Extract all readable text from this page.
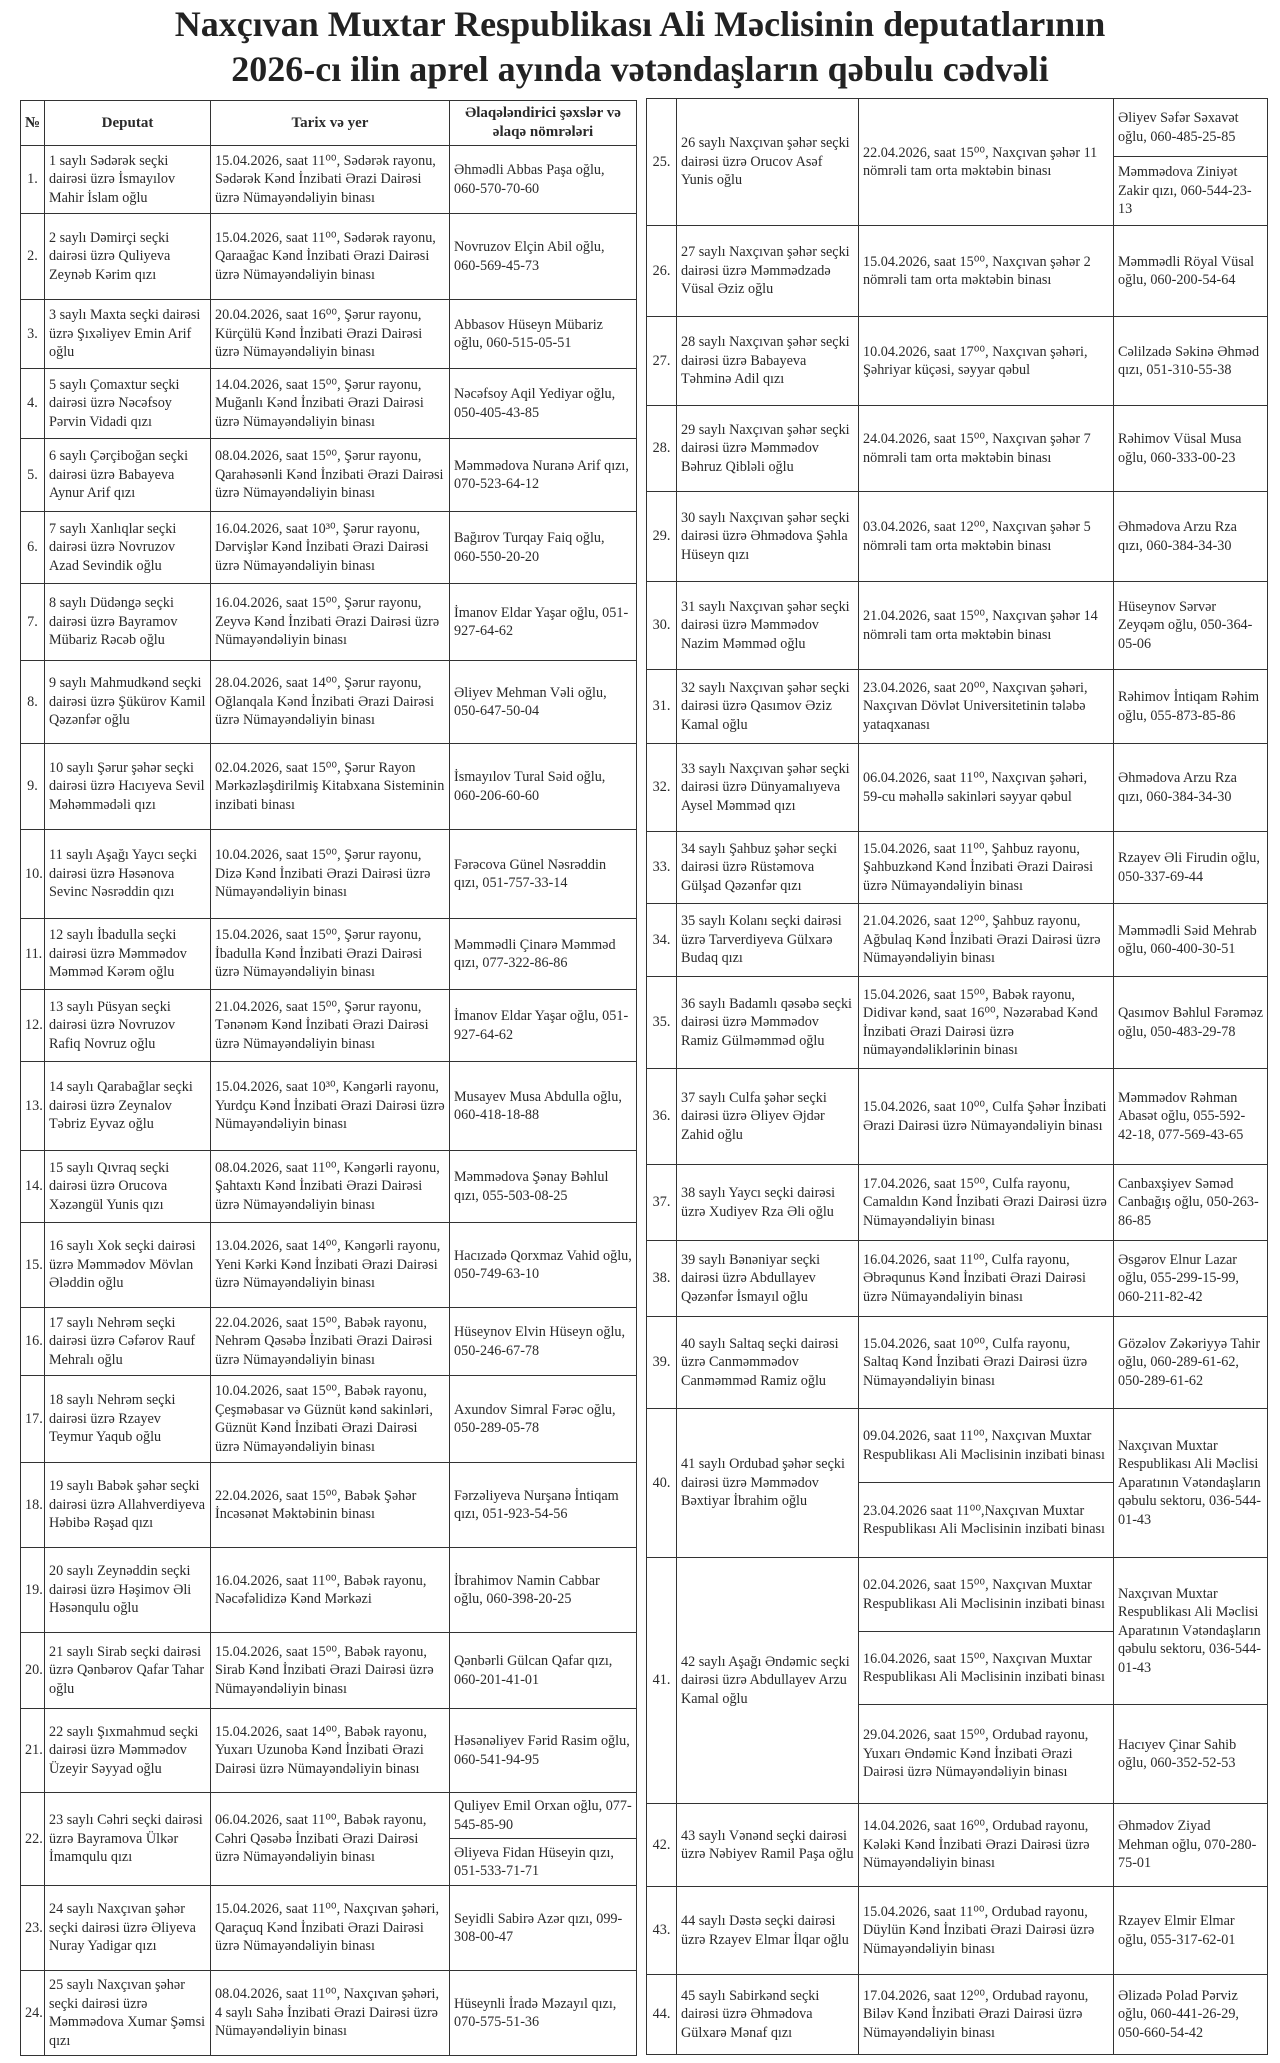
Naxçıvan Muxtar Respublikası Ali Məclisinin deputatlarının
2026-cı ilin aprel ayında vətəndaşların qəbulu cədvəli
№	Deputat	Tarix və yer	Əlaqələndirici şəxslər və əlaqə nömrələri
1.	1 saylı Sədərək seçki dairəsi üzrə İsmayılov Mahir İslam oğlu	15.04.2026, saat 11⁰⁰, Sədərək rayonu, Sədərək Kənd İnzibati Ərazi Dairəsi üzrə Nümayəndəliyin binası	Əhmədli Abbas Paşa oğlu, 060-570-70-60
2.	2 saylı Dəmirçi seçki dairəsi üzrə Quliyeva Zeynəb Kərim qızı	15.04.2026, saat 11⁰⁰, Sədərək rayonu, Qaraağac Kənd İnzibati Ərazi Dairəsi üzrə Nümayəndəliyin binası	Novruzov Elçin Abil oğlu, 060-569-45-73
3.	3 saylı Maxta seçki dairəsi üzrə Şıxəliyev Emin Arif oğlu	20.04.2026, saat 16⁰⁰, Şərur rayonu, Kürçülü Kənd İnzibati Ərazi Dairəsi üzrə Nümayəndəliyin binası	Abbasov Hüseyn Mübariz oğlu, 060-515-05-51
4.	5 saylı Çomaxtur seçki dairəsi üzrə Nəcəfsoy Pərvin Vidadi qızı	14.04.2026, saat 15⁰⁰, Şərur rayonu, Muğanlı Kənd İnzibati Ərazi Dairəsi üzrə Nümayəndəliyin binası	Nəcəfsoy Aqil Yediyar oğlu, 050-405-43-85
5.	6 saylı Çərçiboğan seçki dairəsi üzrə Babayeva Aynur Arif qızı	08.04.2026, saat 15⁰⁰, Şərur rayonu, Qarahəsənli Kənd İnzibati Ərazi Dairəsi üzrə Nümayəndəliyin binası	Məmmədova Nuranə Arif qızı, 070-523-64-12
6.	7 saylı Xanlıqlar seçki dairəsi üzrə Novruzov Azad Sevindik oğlu	16.04.2026, saat 10³⁰, Şərur rayonu, Dərvişlər Kənd İnzibati Ərazi Dairəsi üzrə Nümayəndəliyin binası	Bağırov Turqay Faiq oğlu, 060-550-20-20
7.	8 saylı Düdəngə seçki dairəsi üzrə Bayramov Mübariz Rəcəb oğlu	16.04.2026, saat 15⁰⁰, Şərur rayonu, Zeyvə Kənd İnzibati Ərazi Dairəsi üzrə Nümayəndəliyin binası	İmanov Eldar Yaşar oğlu, 051-927-64-62
8.	9 saylı Mahmudkənd seçki dairəsi üzrə Şükürov Kamil Qəzənfər oğlu	28.04.2026, saat 14⁰⁰, Şərur rayonu, Oğlanqala Kənd İnzibati Ərazi Dairəsi üzrə Nümayəndəliyin binası	Əliyev Mehman Vəli oğlu, 050-647-50-04
9.	10 saylı Şərur şəhər seçki dairəsi üzrə Hacıyeva Sevil Məhəmmədəli qızı	02.04.2026, saat 15⁰⁰, Şərur Rayon Mərkəzləşdirilmiş Kitabxana Sisteminin inzibati binası	İsmayılov Tural Səid oğlu, 060-206-60-60
10.	11 saylı Aşağı Yaycı seçki dairəsi üzrə Həsənova Sevinc Nəsrəddin qızı	10.04.2026, saat 15⁰⁰, Şərur rayonu, Dizə Kənd İnzibati Ərazi Dairəsi üzrə Nümayəndəliyin binası	Fərəcova Günel Nəsrəddin qızı, 051-757-33-14
11.	12 saylı İbadulla seçki dairəsi üzrə Məmmədov Məmməd Kərəm oğlu	15.04.2026, saat 15⁰⁰, Şərur rayonu, İbadulla Kənd İnzibati Ərazi Dairəsi üzrə Nümayəndəliyin binası	Məmmədli Çinarə Məmməd qızı, 077-322-86-86
12.	13 saylı Püsyan seçki dairəsi üzrə Novruzov Rafiq Novruz oğlu	21.04.2026, saat 15⁰⁰, Şərur rayonu, Tənənəm Kənd İnzibati Ərazi Dairəsi üzrə Nümayəndəliyin binası	İmanov Eldar Yaşar oğlu, 051-927-64-62
13.	14 saylı Qarabağlar seçki dairəsi üzrə Zeynalov Təbriz Eyvaz oğlu	15.04.2026, saat 10³⁰, Kəngərli rayonu, Yurdçu Kənd İnzibati Ərazi Dairəsi üzrə Nümayəndəliyin binası	Musayev Musa Abdulla oğlu, 060-418-18-88
14.	15 saylı Qıvraq seçki dairəsi üzrə Orucova Xəzəngül Yunis qızı	08.04.2026, saat 11⁰⁰, Kəngərli rayonu, Şahtaxtı Kənd İnzibati Ərazi Dairəsi üzrə Nümayəndəliyin binası	Məmmədova Şənay Bəhlul qızı, 055-503-08-25
15.	16 saylı Xok seçki dairəsi üzrə Məmmədov Mövlan Ələddin oğlu	13.04.2026, saat 14⁰⁰, Kəngərli rayonu, Yeni Kərki Kənd İnzibati Ərazi Dairəsi üzrə Nümayəndəliyin binası	Hacızadə Qorxmaz Vahid oğlu, 050-749-63-10
16.	17 saylı Nehrəm seçki dairəsi üzrə Cəfərov Rauf Mehralı oğlu	22.04.2026, saat 15⁰⁰, Babək rayonu, Nehrəm Qəsəbə İnzibati Ərazi Dairəsi üzrə Nümayəndəliyin binası	Hüseynov Elvin Hüseyn oğlu, 050-246-67-78
17.	18 saylı Nehrəm seçki dairəsi üzrə Rzayev Teymur Yaqub oğlu	10.04.2026, saat 15⁰⁰, Babək rayonu, Çeşməbasar və Güznüt kənd sakinləri, Güznüt Kənd İnzibati Ərazi Dairəsi üzrə Nümayəndəliyin binası	Axundov Simral Fərəc oğlu, 050-289-05-78
18.	19 saylı Babək şəhər seçki dairəsi üzrə Allahverdiyeva Həbibə Rəşad qızı	22.04.2026, saat 15⁰⁰, Babək Şəhər İncəsənət Məktəbinin binası	Fərzəliyeva Nurşanə İntiqam qızı, 051-923-54-56
19.	20 saylı Zeynəddin seçki dairəsi üzrə Həşimov Əli Həsənqulu oğlu	16.04.2026, saat 11⁰⁰, Babək rayonu, Nəcəfəlidizə Kənd Mərkəzi	İbrahimov Namin Cabbar oğlu, 060-398-20-25
20.	21 saylı Sirab seçki dairəsi üzrə Qənbərov Qafar Tahar oğlu	15.04.2026, saat 15⁰⁰, Babək rayonu, Sirab Kənd İnzibati Ərazi Dairəsi üzrə Nümayəndəliyin binası	Qənbərli Gülcan Qafar qızı, 060-201-41-01
21.	22 saylı Şıxmahmud seçki dairəsi üzrə Məmmədov Üzeyir Səyyad oğlu	15.04.2026, saat 14⁰⁰, Babək rayonu, Yuxarı Uzunoba Kənd İnzibati Ərazi Dairəsi üzrə Nümayəndəliyin binası	Həsənəliyev Fərid Rasim oğlu, 060-541-94-95
22.	23 saylı Cəhri seçki dairəsi üzrə Bayramova Ülkər İmamqulu qızı	06.04.2026, saat 11⁰⁰, Babək rayonu, Cəhri Qəsəbə İnzibati Ərazi Dairəsi üzrə Nümayəndəliyin binası	Quliyev Emil Orxan oğlu, 077-545-85-90
			Əliyeva Fidan Hüseyin qızı, 051-533-71-71
23.	24 saylı Naxçıvan şəhər seçki dairəsi üzrə Əliyeva Nuray Yadigar qızı	15.04.2026, saat 11⁰⁰, Naxçıvan şəhəri, Qaraçuq Kənd İnzibati Ərazi Dairəsi üzrə Nümayəndəliyin binası	Seyidli Sabirə Azər qızı, 099-308-00-47
24.	25 saylı Naxçıvan şəhər seçki dairəsi üzrə Məmmədova Xumar Şəmsi qızı	08.04.2026, saat 11⁰⁰, Naxçıvan şəhəri, 4 saylı Sahə İnzibati Ərazi Dairəsi üzrə Nümayəndəliyin binası	Hüseynli İradə Məzayıl qızı, 070-575-51-36
25.	26 saylı Naxçıvan şəhər seçki dairəsi üzrə Orucov Asəf Yunis oğlu	22.04.2026, saat 15⁰⁰, Naxçıvan şəhər 11 nömrəli tam orta məktəbin binası	Əliyev Səfər Səxavət oğlu, 060-485-25-85
			Məmmədova Ziniyət Zakir qızı, 060-544-23-13
26.	27 saylı Naxçıvan şəhər seçki dairəsi üzrə Məmmədzadə Vüsal Əziz oğlu	15.04.2026, saat 15⁰⁰, Naxçıvan şəhər 2 nömrəli tam orta məktəbin binası	Məmmədli Röyal Vüsal oğlu, 060-200-54-64
27.	28 saylı Naxçıvan şəhər seçki dairəsi üzrə Babayeva Təhminə Adil qızı	10.04.2026, saat 17⁰⁰, Naxçıvan şəhəri, Şəhriyar küçəsi, səyyar qəbul	Cəlilzadə Səkinə Əhməd qızı, 051-310-55-38
28.	29 saylı Naxçıvan şəhər seçki dairəsi üzrə Məmmədov Bəhruz Qibləli oğlu	24.04.2026, saat 15⁰⁰, Naxçıvan şəhər 7 nömrəli tam orta məktəbin binası	Rəhimov Vüsal Musa oğlu, 060-333-00-23
29.	30 saylı Naxçıvan şəhər seçki dairəsi üzrə Əhmədova Şəhla Hüseyn qızı	03.04.2026, saat 12⁰⁰, Naxçıvan şəhər 5 nömrəli tam orta məktəbin binası	Əhmədova Arzu Rza qızı, 060-384-34-30
30.	31 saylı Naxçıvan şəhər seçki dairəsi üzrə Məmmədov Nazim Məmməd oğlu	21.04.2026, saat 15⁰⁰, Naxçıvan şəhər 14 nömrəli tam orta məktəbin binası	Hüseynov Sərvər Zeyqəm oğlu, 050-364-05-06
31.	32 saylı Naxçıvan şəhər seçki dairəsi üzrə Qasımov Əziz Kamal oğlu	23.04.2026, saat 20⁰⁰, Naxçıvan şəhəri, Naxçıvan Dövlət Universitetinin tələbə yataqxanası	Rəhimov İntiqam Rəhim oğlu, 055-873-85-86
32.	33 saylı Naxçıvan şəhər seçki dairəsi üzrə Dünyamalıyeva Aysel Məmməd qızı	06.04.2026, saat 11⁰⁰, Naxçıvan şəhəri, 59-cu məhəllə sakinləri səyyar qəbul	Əhmədova Arzu Rza qızı, 060-384-34-30
33.	34 saylı Şahbuz şəhər seçki dairəsi üzrə Rüstəmova Gülşad Qəzənfər qızı	15.04.2026, saat 11⁰⁰, Şahbuz rayonu, Şahbuzkənd Kənd İnzibati Ərazi Dairəsi üzrə Nümayəndəliyin binası	Rzayev Əli Firudin oğlu, 050-337-69-44
34.	35 saylı Kolanı seçki dairəsi üzrə Tarverdiyeva Gülxarə Budaq qızı	21.04.2026, saat 12⁰⁰, Şahbuz rayonu, Ağbulaq Kənd İnzibati Ərazi Dairəsi üzrə Nümayəndəliyin binası	Məmmədli Səid Mehrab oğlu, 060-400-30-51
35.	36 saylı Badamlı qəsəbə seçki dairəsi üzrə Məmmədov Ramiz Gülməmməd oğlu	15.04.2026, saat 15⁰⁰, Babək rayonu, Didivar kənd, saat 16⁰⁰, Nəzərabad Kənd İnzibati Ərazi Dairəsi üzrə nümayəndəliklərinin binası	Qasımov Bəhlul Fərəməz oğlu, 050-483-29-78
36.	37 saylı Culfa şəhər seçki dairəsi üzrə Əliyev Əjdər Zahid oğlu	15.04.2026, saat 10⁰⁰, Culfa Şəhər İnzibati Ərazi Dairəsi üzrə Nümayəndəliyin binası	Məmmədov Rəhman Abasət oğlu, 055-592-42-18, 077-569-43-65
37.	38 saylı Yaycı seçki dairəsi üzrə Xudiyev Rza Əli oğlu	17.04.2026, saat 15⁰⁰, Culfa rayonu, Camaldın Kənd İnzibati Ərazi Dairəsi üzrə Nümayəndəliyin binası	Canbaxşiyev Səməd Canbağış oğlu, 050-263-86-85
38.	39 saylı Bənəniyar seçki dairəsi üzrə Abdullayev Qəzənfər İsmayıl oğlu	16.04.2026, saat 11⁰⁰, Culfa rayonu, Əbrəqunus Kənd İnzibati Ərazi Dairəsi üzrə Nümayəndəliyin binası	Əsgərov Elnur Lazar oğlu, 055-299-15-99, 060-211-82-42
39.	40 saylı Saltaq seçki dairəsi üzrə Canməmmədov Canməmməd Ramiz oğlu	15.04.2026, saat 10⁰⁰, Culfa rayonu, Saltaq Kənd İnzibati Ərazi Dairəsi üzrə Nümayəndəliyin binası	Gözəlov Zəkəriyyə Tahir oğlu, 060-289-61-62, 050-289-61-62
40.	41 saylı Ordubad şəhər seçki dairəsi üzrə Məmmədov Bəxtiyar İbrahim oğlu	09.04.2026, saat 11⁰⁰, Naxçıvan Muxtar Respublikası Ali Məclisinin inzibati binası	Naxçıvan Muxtar Respublikası Ali Məclisi Aparatının Vətəndaşların qəbulu sektoru, 036-544-01-43
		23.04.2026 saat 11⁰⁰,Naxçıvan Muxtar Respublikası Ali Məclisinin inzibati binası	
41.	42 saylı Aşağı Əndəmic seçki dairəsi üzrə Abdullayev Arzu Kamal oğlu	02.04.2026, saat 15⁰⁰, Naxçıvan Muxtar Respublikası Ali Məclisinin inzibati binası	Naxçıvan Muxtar Respublikası Ali Məclisi Aparatının Vətəndaşların qəbulu sektoru, 036-544-01-43
		16.04.2026, saat 15⁰⁰, Naxçıvan Muxtar Respublikası Ali Məclisinin inzibati binası	
		29.04.2026, saat 15⁰⁰, Ordubad rayonu, Yuxarı Əndəmic Kənd İnzibati Ərazi Dairəsi üzrə Nümayəndəliyin binası	Hacıyev Çinar Sahib oğlu, 060-352-52-53
42.	43 saylı Vənənd seçki dairəsi üzrə Nəbiyev Ramil Paşa oğlu	14.04.2026, saat 16⁰⁰, Ordubad rayonu, Kələki Kənd İnzibati Ərazi Dairəsi üzrə Nümayəndəliyin binası	Əhmədov Ziyad Mehman oğlu, 070-280-75-01
43.	44 saylı Dəstə seçki dairəsi üzrə Rzayev Elmar İlqar oğlu	15.04.2026, saat 11⁰⁰, Ordubad rayonu, Düylün Kənd İnzibati Ərazi Dairəsi üzrə Nümayəndəliyin binası	Rzayev Elmir Elmar oğlu, 055-317-62-01
44.	45 saylı Sabirkənd seçki dairəsi üzrə Əhmədova Gülxarə Mənaf qızı	17.04.2026, saat 12⁰⁰, Ordubad rayonu, Biləv Kənd İnzibati Ərazi Dairəsi üzrə Nümayəndəliyin binası	Əlizadə Polad Pərviz oğlu, 060-441-26-29, 050-660-54-42
